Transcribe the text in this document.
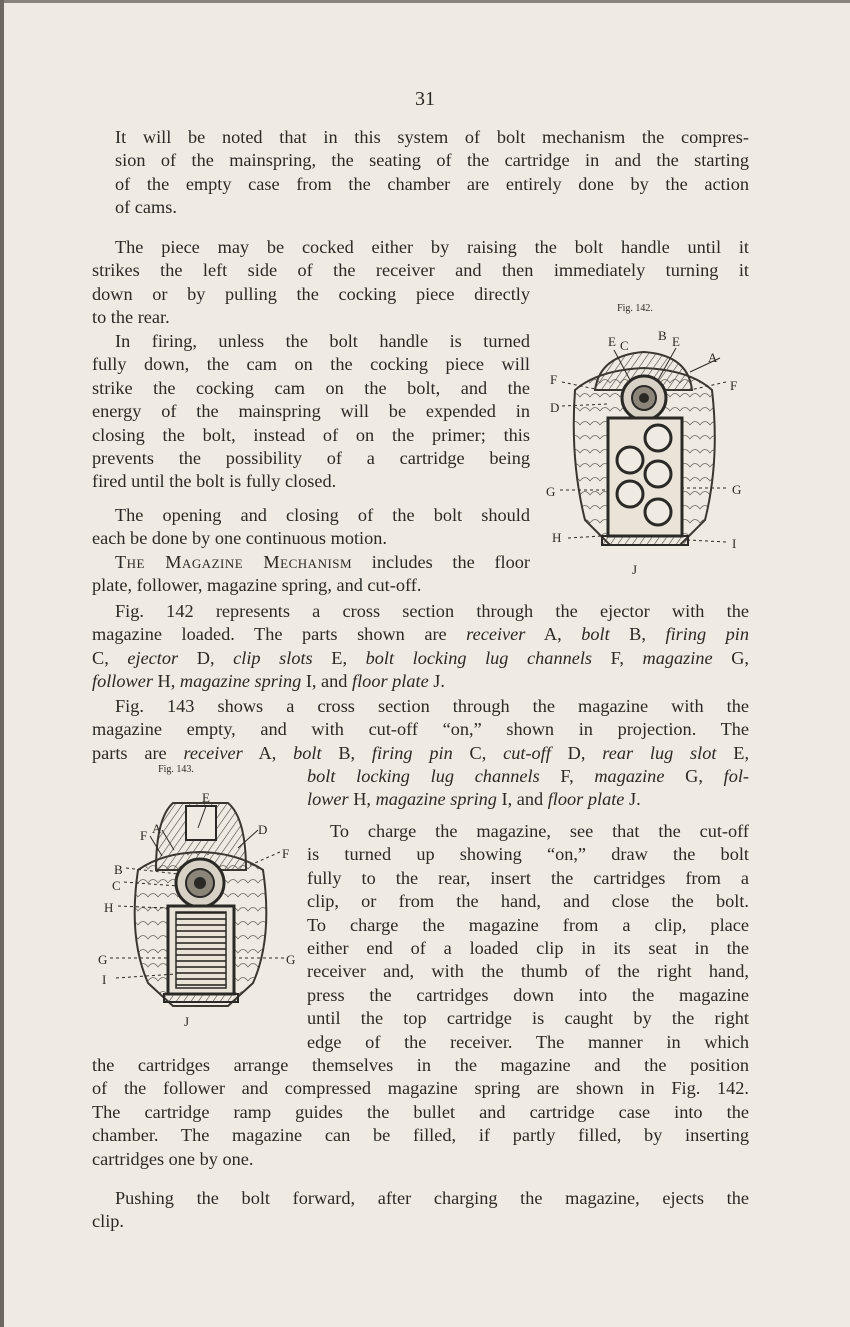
31
It will be noted that in this system of bolt mechanism the compres-
sion of the mainspring, the seating of the cartridge in and the starting
of the empty case from the chamber are entirely done by the action
of cams.
The piece may be cocked either by raising the bolt handle until it
strikes the left side of the receiver and then immediately turning it
down or by pulling the cocking piece directly
to the rear.
In firing, unless the bolt handle is turned
fully down, the cam on the cocking piece will
strike the cocking cam on the bolt, and the
energy of the mainspring will be expended in
closing the bolt, instead of on the primer; this
prevents the possibility of a cartridge being
fired until the bolt is fully closed.
The opening and closing of the bolt should
each be done by one continuous motion.
The Magazine Mechanism includes the floor
plate, follower, magazine spring, and cut-off.
Fig. 142 represents a cross section through the ejector with the
magazine loaded. The parts shown are receiver A, bolt B, firing pin
C, ejector D, clip slots E, bolt locking lug channels F, magazine G,
follower H, magazine spring I, and floor plate J.
Fig. 143 shows a cross section through the magazine with the
magazine empty, and with cut-off “on,” shown in projection. The
parts are receiver A, bolt B, firing pin C, cut-off D, rear lug slot E,
bolt locking lug channels F, magazine G, fol-
lower H, magazine spring I, and floor plate J.
To charge the magazine, see that the cut-off
is turned up showing “on,” draw the bolt
fully to the rear, insert the cartridges from a
clip, or from the hand, and close the bolt.
To charge the magazine from a clip, place
either end of a loaded clip in its seat in the
receiver and, with the thumb of the right hand,
press the cartridges down into the magazine
until the top cartridge is caught by the right
edge of the receiver. The manner in which
the cartridges arrange themselves in the magazine and the position
of the follower and compressed magazine spring are shown in Fig. 142.
The cartridge ramp guides the bullet and cartridge case into the
chamber. The magazine can be filled, if partly filled, by inserting
cartridges one by one.
Pushing the bolt forward, after charging the magazine, ejects the
clip.
Fig. 142.
E C
B E
A
F	F
D
G	G
H	I
J
Fig. 143.
E
F A	D
F
B
C
H
G	G
I
J
